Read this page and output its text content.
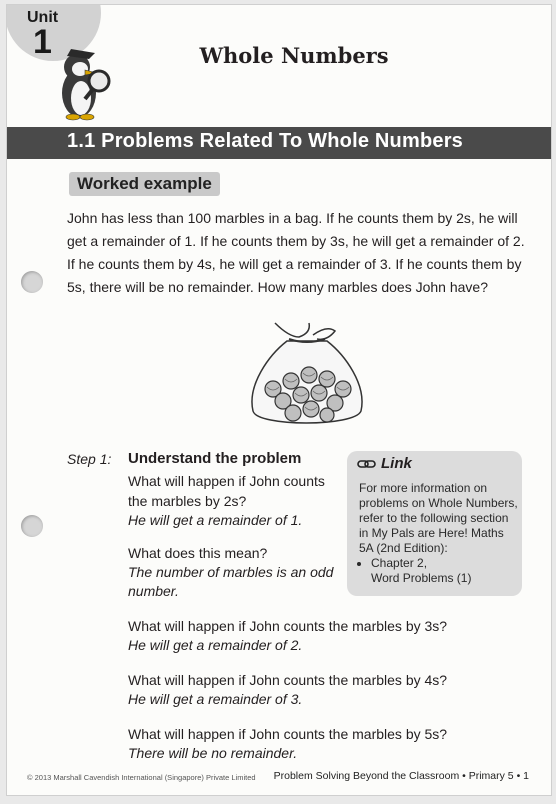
Unit
1	Whole Numbers
1.1 Problems Related To Whole Numbers
Worked example
John has less than 100 marbles in a bag. If he counts them by 2s, he will get a remainder of 1. If he counts them by 3s, he will get a remainder of 2. If he counts them by 4s, he will get a remainder of 3. If he counts them by 5s, there will be no remainder. How many marbles does John have?
Step 1: Understand the problem
What will happen if John counts
the marbles by 2s?
He will get a remainder of 1.
What does this mean?
The number of marbles is an odd
number.
What will happen if John counts the marbles by 3s?
He will get a remainder of 2.
What will happen if John counts the marbles by 4s?
He will get a remainder of 3.
What will happen if John counts the marbles by 5s?
There will be no remainder.
Link
For more information on problems on Whole Numbers, refer to the following section in My Pals are Here! Maths 5A (2nd Edition):
• Chapter 2,
Word Problems (1)
© 2013 Marshall Cavendish International (Singapore) Private Limited Problem Solving Beyond the Classroom • Primary 5 • 1
